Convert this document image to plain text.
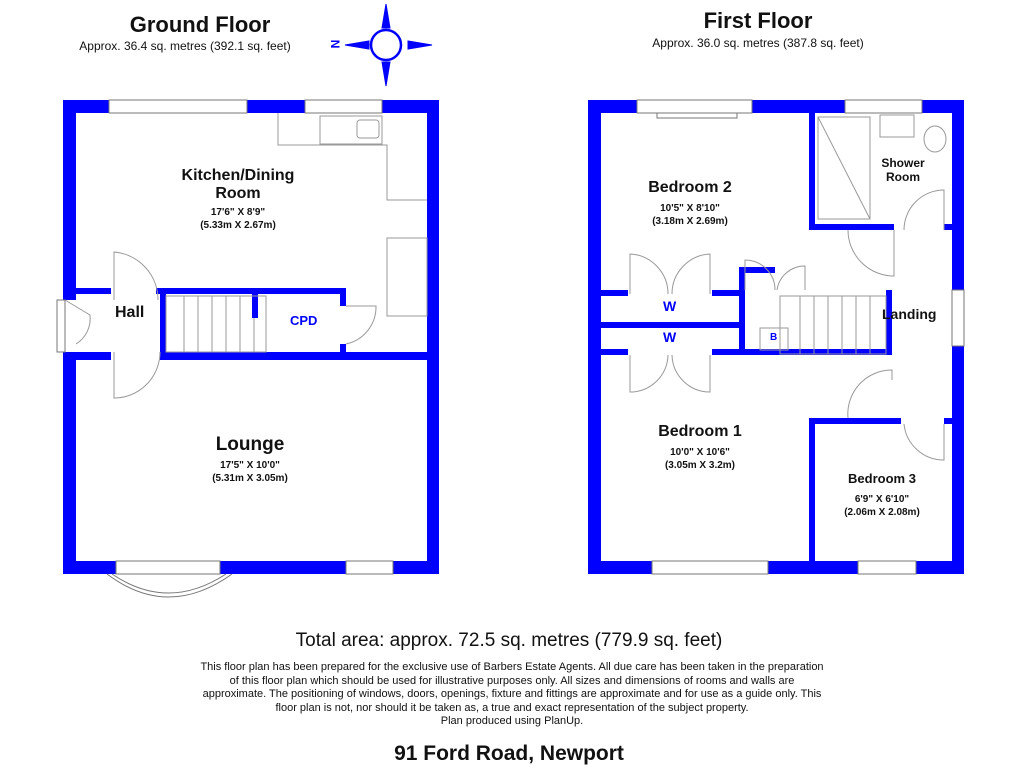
Ground Floor
Approx. 36.4 sq. metres (392.1 sq. feet)	N
First Floor
Approx. 36.0 sq. metres (387.8 sq. feet)
Kitchen/Dining
Room
17'6" X 8'9"
(5.33m X 2.67m)
Hall	CPD
Lounge
17'5" X 10'0"
(5.31m X 3.05m)
Bedroom 2
10'5" X 8'10"
(3.18m X 2.69m)
Shower
Room
Landing
Bedroom 1
10'0" X 10'6"
(3.05m X 3.2m)
Bedroom 3
6'9" X 6'10"
(2.06m X 2.08m)
W
W	B
Total area: approx. 72.5 sq. metres (779.9 sq. feet)
This floor plan has been prepared for the exclusive use of Barbers Estate Agents. All due care has been taken in the preparation
of this floor plan which should be used for illustrative purposes only. All sizes and dimensions of rooms and walls are
approximate. The positioning of windows, doors, openings, fixture and fittings are approximate and for use as a guide only. This
floor plan is not, nor should it be taken as, a true and exact representation of the subject property.
Plan produced using PlanUp.
91 Ford Road, Newport
